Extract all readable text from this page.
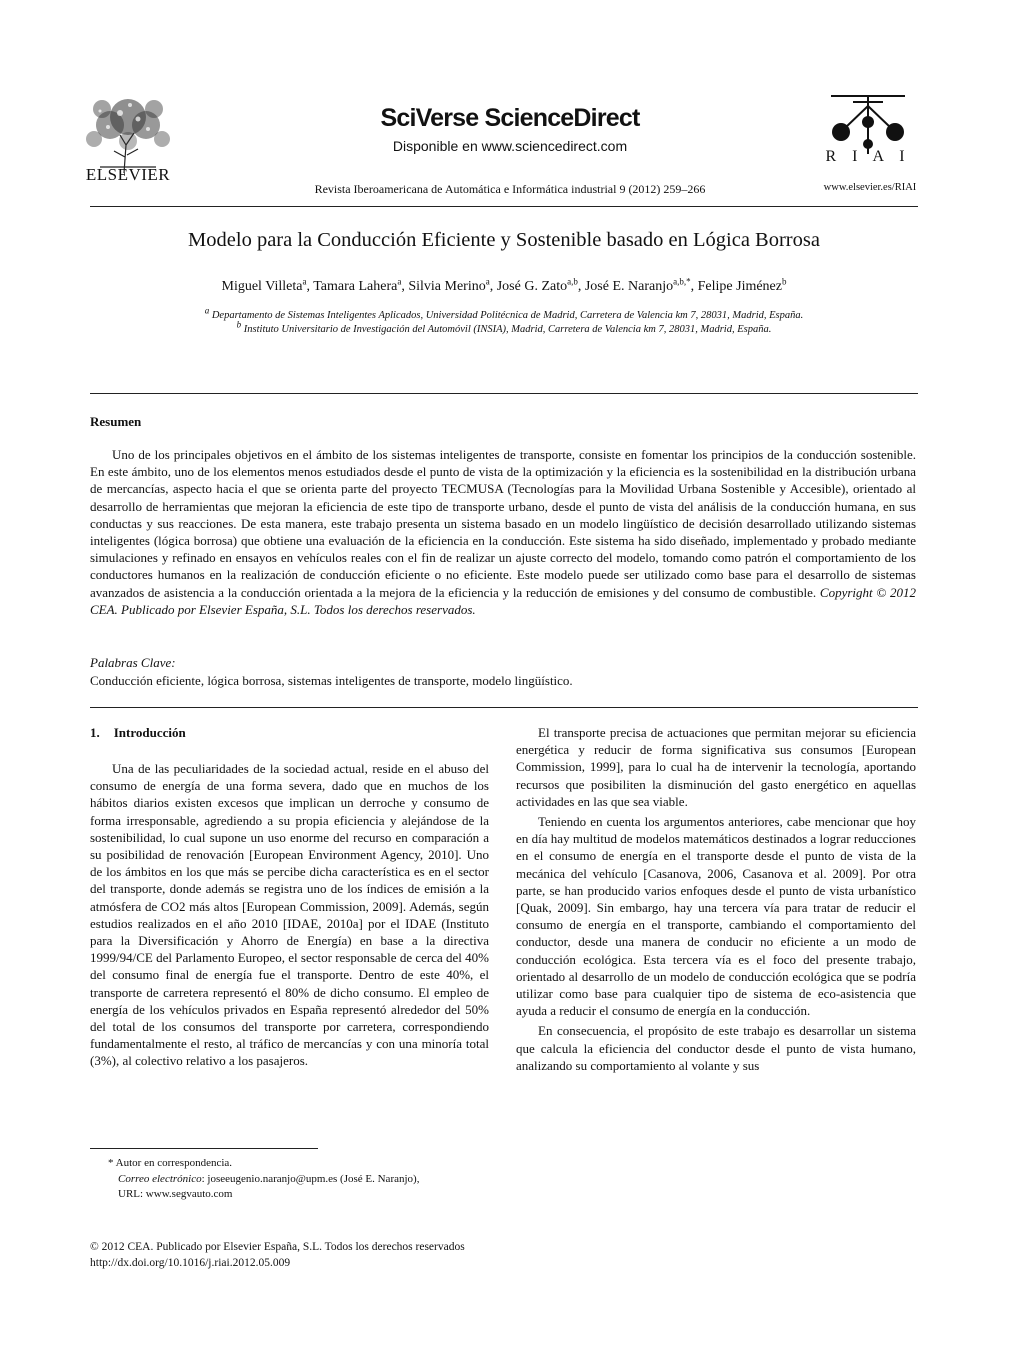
ELSEVIER
SciVerse ScienceDirect
Disponible en www.sciencedirect.com
Revista Iberoamericana de Automática e Informática industrial 9 (2012) 259–266
R I A I
www.elsevier.es/RIAI
Modelo para la Conducción Eficiente y Sostenible basado en Lógica Borrosa
Miguel Villeta$^a$, Tamara Lahera$^a$, Silvia Merino$^a$, José G. Zato$^{a,b}$, José E. Naranjo$^{a,b,*}$, Felipe Jiménez$^b$
$^a$ Departamento de Sistemas Inteligentes Aplicados, Universidad Politécnica de Madrid, Carretera de Valencia km 7, 28031, Madrid, España.
$^b$ Instituto Universitario de Investigación del Automóvil (INSIA), Madrid, Carretera de Valencia km 7, 28031, Madrid, España.
Resumen
Uno de los principales objetivos en el ámbito de los sistemas inteligentes de transporte, consiste en fomentar los principios de la conducción sostenible. En este ámbito, uno de los elementos menos estudiados desde el punto de vista de la optimización y la eficiencia es la sostenibilidad en la distribución urbana de mercancías, aspecto hacia el que se orienta parte del proyecto TECMUSA (Tecnologías para la Movilidad Urbana Sostenible y Accesible), orientado al desarrollo de herramientas que mejoran la eficiencia de este tipo de transporte urbano, desde el punto de vista del análisis de la conducción humana, en sus conductas y sus reacciones. De esta manera, este trabajo presenta un sistema basado en un modelo lingüístico de decisión desarrollado utilizando sistemas inteligentes (lógica borrosa) que obtiene una evaluación de la eficiencia en la conducción. Este sistema ha sido diseñado, implementado y probado mediante simulaciones y refinado en ensayos en vehículos reales con el fin de realizar un ajuste correcto del modelo, tomando como patrón el comportamiento de los conductores humanos en la realización de conducción eficiente o no eficiente. Este modelo puede ser utilizado como base para el desarrollo de sistemas avanzados de asistencia a la conducción orientada a la mejora de la eficiencia y la reducción de emisiones y del consumo de combustible. Copyright © 2012 CEA. Publicado por Elsevier España, S.L. Todos los derechos reservados.
Palabras Clave:
Conducción eficiente, lógica borrosa, sistemas inteligentes de transporte, modelo lingüístico.
1. Introducción

Una de las peculiaridades de la sociedad actual, reside en el abuso del consumo de energía de una forma severa, dado que en muchos de los hábitos diarios existen excesos que implican un derroche y consumo de forma irresponsable, agrediendo a su propia eficiencia y alejándose de la sostenibilidad, lo cual supone un uso enorme del recurso en comparación a su posibilidad de renovación [European Environment Agency, 2010]. Uno de los ámbitos en los que más se percibe dicha característica es en el sector del transporte, donde además se registra uno de los índices de emisión a la atmósfera de CO2 más altos [European Commission, 2009]. Además, según estudios realizados en el año 2010 [IDAE, 2010a] por el IDAE (Instituto para la Diversificación y Ahorro de Energía) en base a la directiva 1999/94/CE del Parlamento Europeo, el sector responsable de cerca del 40% del consumo final de energía fue el transporte. Dentro de este 40%, el transporte de carretera representó el 80% de dicho consumo. El empleo de energía de los vehículos privados en España representó alrededor del 50% del total de los consumos del transporte por carretera, correspondiendo fundamentalmente el resto, al tráfico de mercancías y con una minoría total (3%), al colectivo relativo a los pasajeros.

El transporte precisa de actuaciones que permitan mejorar su eficiencia energética y reducir de forma significativa sus consumos [European Commission, 1999], para lo cual ha de intervenir la tecnología, aportando recursos que posibiliten la disminución del gasto energético en aquellas actividades en las que sea viable.

Teniendo en cuenta los argumentos anteriores, cabe mencionar que hoy en día hay multitud de modelos matemáticos destinados a lograr reducciones en el consumo de energía en el transporte desde el punto de vista de la mecánica del vehículo [Casanova, 2006, Casanova et al. 2009]. Por otra parte, se han producido varios enfoques desde el punto de vista urbanístico [Quak, 2009]. Sin embargo, hay una tercera vía para tratar de reducir el consumo de energía en el transporte, cambiando el comportamiento del conductor, desde una manera de conducir no eficiente a un modo de conducción ecológica. Esta tercera vía es el foco del presente trabajo, orientado al desarrollo de un modelo de conducción ecológica que se podría utilizar como base para cualquier tipo de sistema de eco-asistencia que ayuda a reducir el consumo de energía en la conducción.

En consecuencia, el propósito de este trabajo es desarrollar un sistema que calcula la eficiencia del conductor desde el punto de vista humano, analizando su comportamiento al volante y sus

* Autor en correspondencia.
Correo electrónico: joseeugenio.naranjo@upm.es (José E. Naranjo),
URL: www.segvauto.com
© 2012 CEA. Publicado por Elsevier España, S.L. Todos los derechos reservados
http://dx.doi.org/10.1016/j.riai.2012.05.009
